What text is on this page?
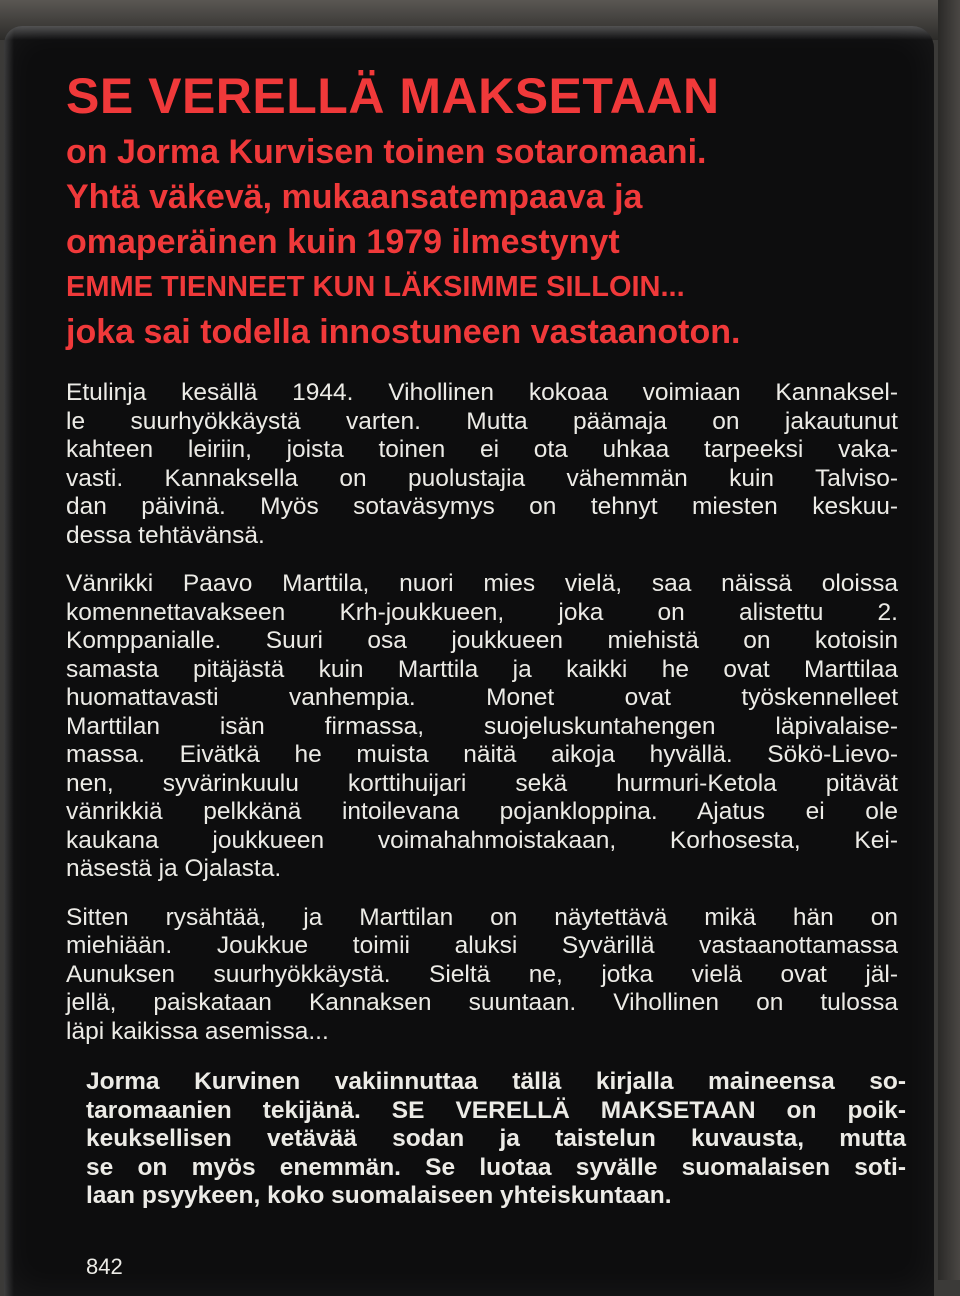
SE VERELLÄ MAKSETAAN
on Jorma Kurvisen toinen sotaromaani.
Yhtä väkevä, mukaansatempaava ja
omaperäinen kuin 1979 ilmestynyt
EMME TIENNEET KUN LÄKSIMME SILLOIN...
joka sai todella innostuneen vastaanoton.

Etulinja kesällä 1944. Vihollinen kokoaa voimiaan Kannaksel-
le suurhyökkäystä varten. Mutta päämaja on jakautunut
kahteen leiriin, joista toinen ei ota uhkaa tarpeeksi vaka-
vasti. Kannaksella on puolustajia vähemmän kuin Talviso-
dan päivinä. Myös sotaväsymys on tehnyt miesten keskuu-
dessa tehtävänsä.

Vänrikki Paavo Marttila, nuori mies vielä, saa näissä oloissa
komennettavakseen Krh-joukkueen, joka on alistettu 2.
Komppanialle. Suuri osa joukkueen miehistä on kotoisin
samasta pitäjästä kuin Marttila ja kaikki he ovat Marttilaa
huomattavasti vanhempia. Monet ovat työskennelleet
Marttilan isän firmassa, suojeluskuntahengen läpivalaise-
massa. Eivätkä he muista näitä aikoja hyvällä. Sökö-Lievo-
nen, syvärinkuulu korttihuijari sekä hurmuri-Ketola pitävät
vänrikkiä pelkkänä intoilevana pojankloppina. Ajatus ei ole
kaukana joukkueen voimahahmoistakaan, Korhosesta, Kei-
näsestä ja Ojalasta.

Sitten rysähtää, ja Marttilan on näytettävä mikä hän on
miehiään. Joukkue toimii aluksi Syvärillä vastaanottamassa
Aunuksen suurhyökkäystä. Sieltä ne, jotka vielä ovat jäl-
jellä, paiskataan Kannaksen suuntaan. Vihollinen on tulossa
läpi kaikissa asemissa...

Jorma Kurvinen vakiinnuttaa tällä kirjalla maineensa so-
taromaanien tekijänä. SE VERELLÄ MAKSETAAN on poik-
keuksellisen vetävää sodan ja taistelun kuvausta, mutta
se on myös enemmän. Se luotaa syvälle suomalaisen soti-
laan psyykeen, koko suomalaiseen yhteiskuntaan.

842
